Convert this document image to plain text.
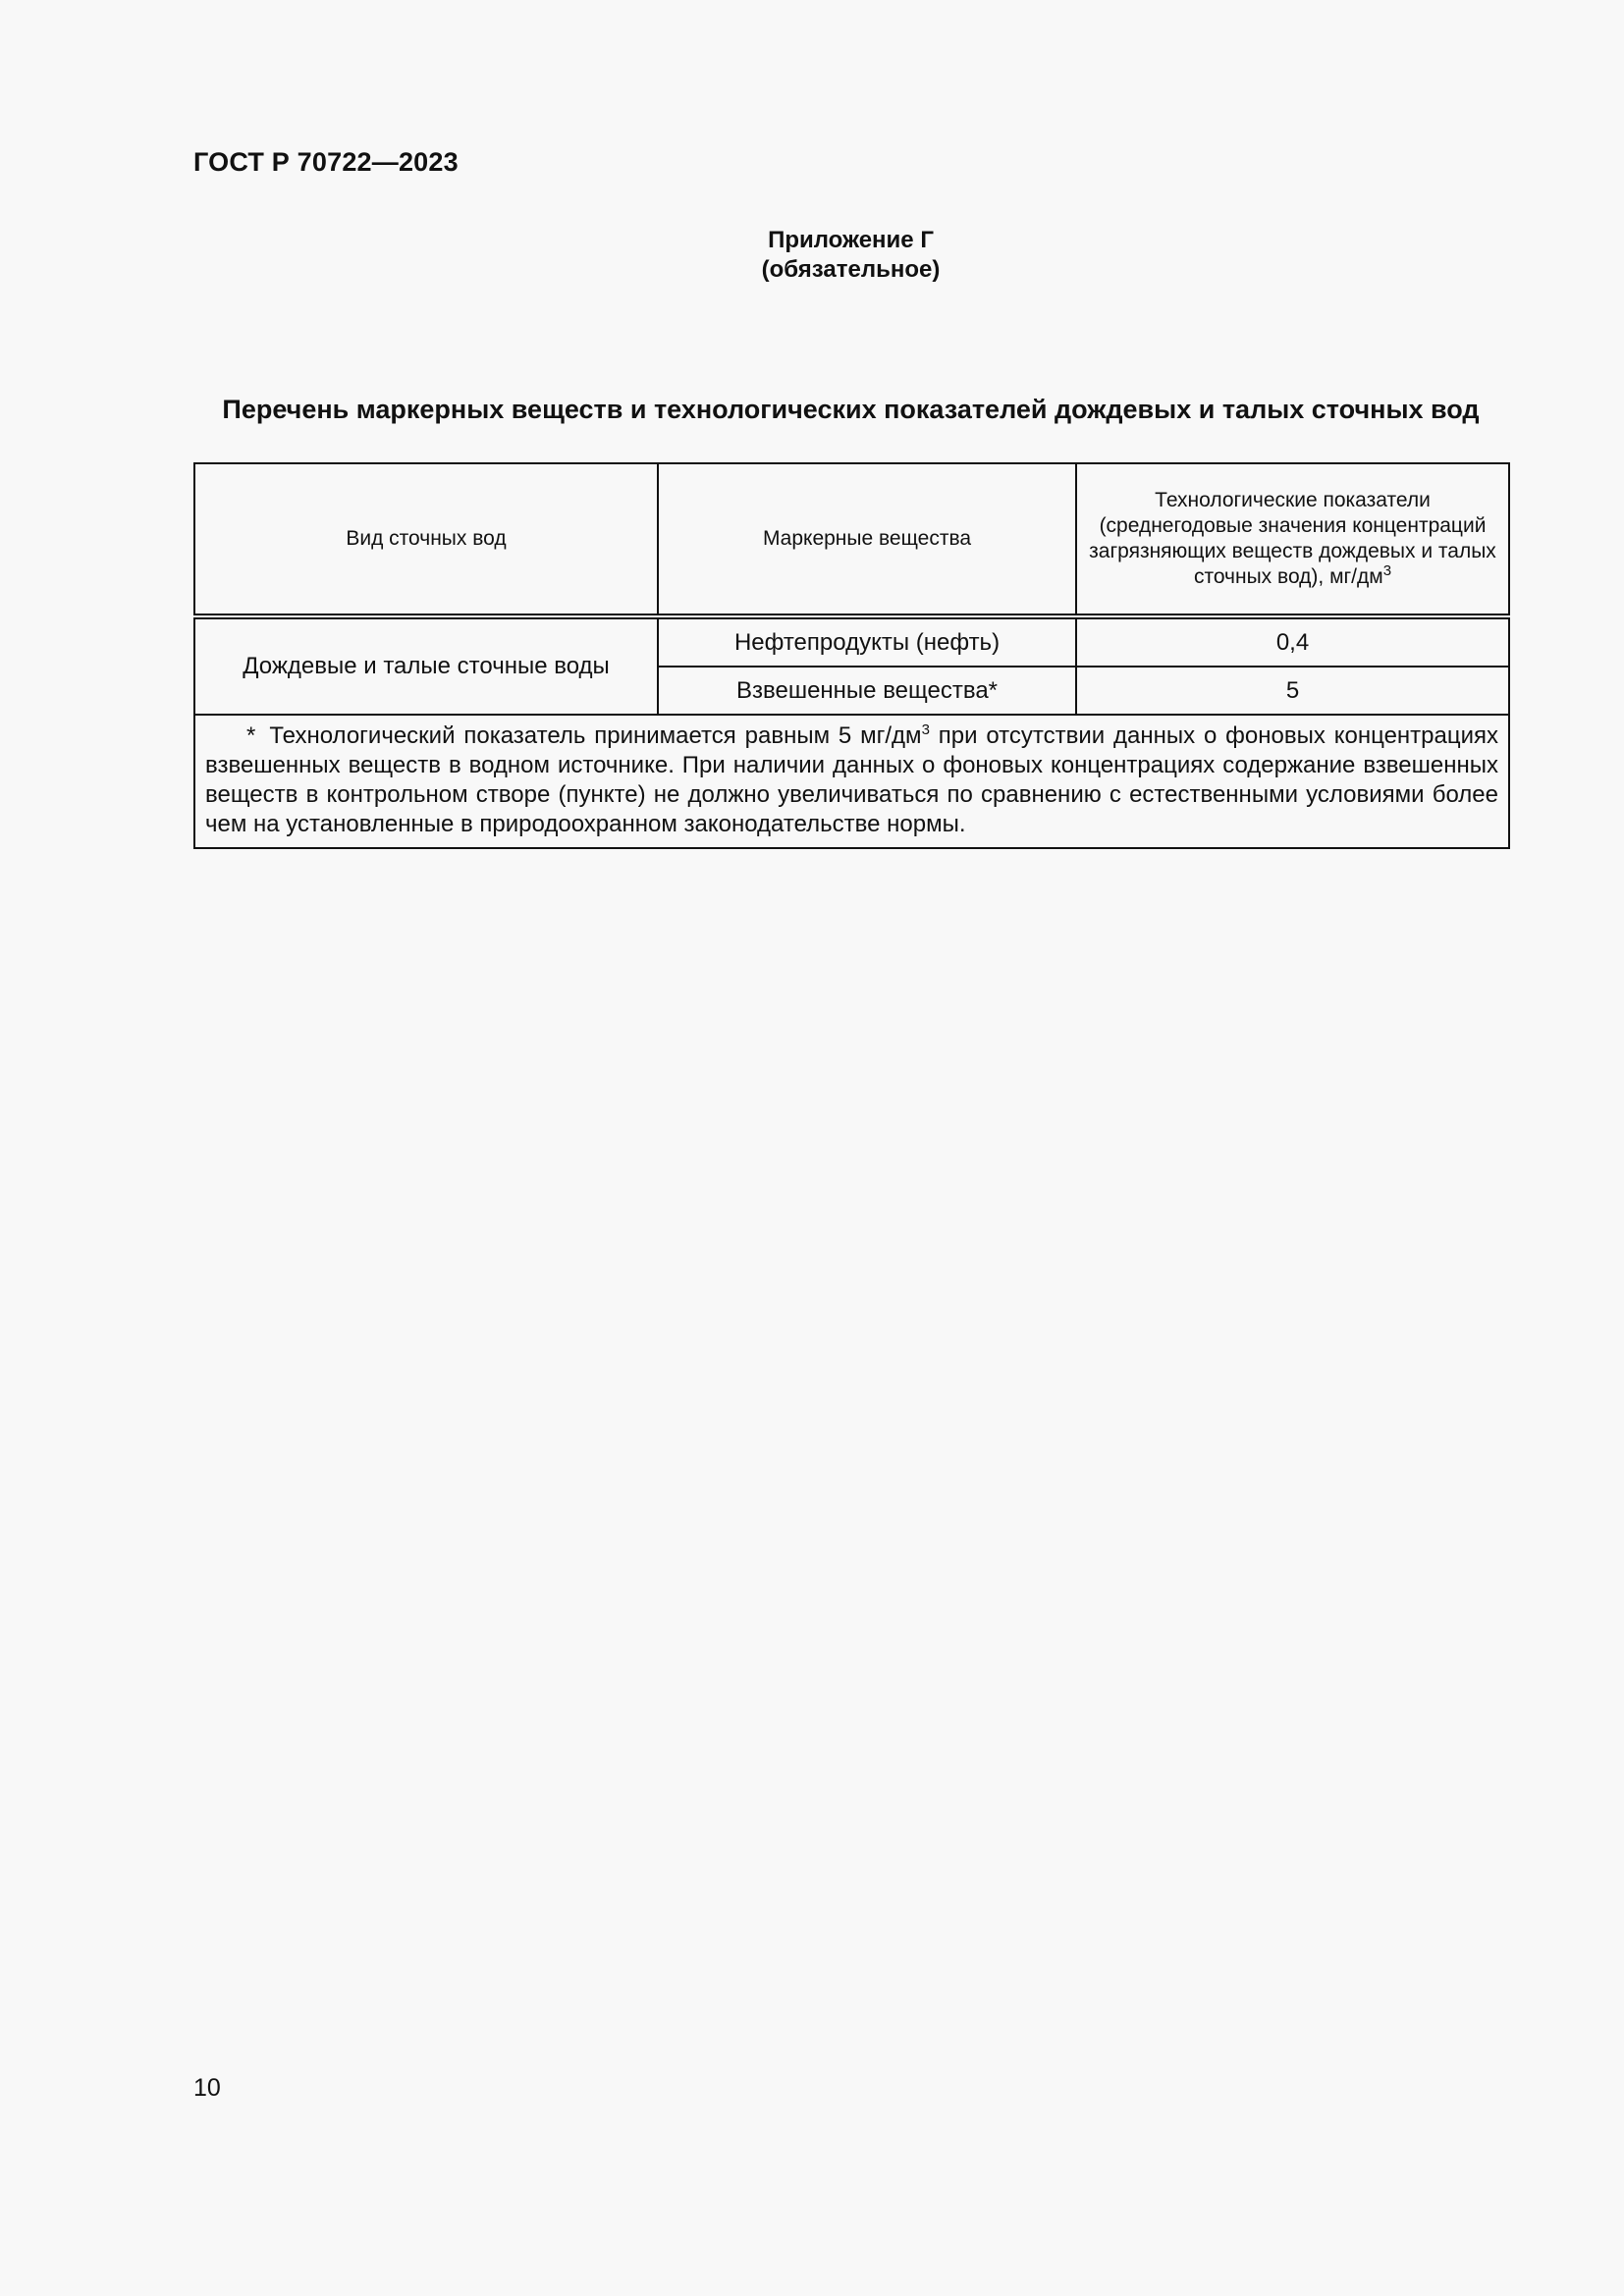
ГОСТ Р 70722—2023
Приложение Г
(обязательное)
Перечень маркерных веществ и технологических показателей дождевых и талых сточных вод
Вид сточных вод	Маркерные вещества	Технологические показатели (среднегодовые значения концентраций загрязняющих веществ дождевых и талых сточных вод), $мг/дм^3$
Дождевые и талые сточные воды	Нефтепродукты (нефть)	0,4
	Взвешенные вещества*	5
* Технологический показатель принимается равным 5 $мг/дм^3$ при отсутствии данных о фоновых концентрациях взвешенных веществ в водном источнике. При наличии данных о фоновых концентрациях содержание взвешенных веществ в контрольном створе (пункте) не должно увеличиваться по сравнению с естественными условиями более чем на установленные в природоохранном законодательстве нормы.		
10
